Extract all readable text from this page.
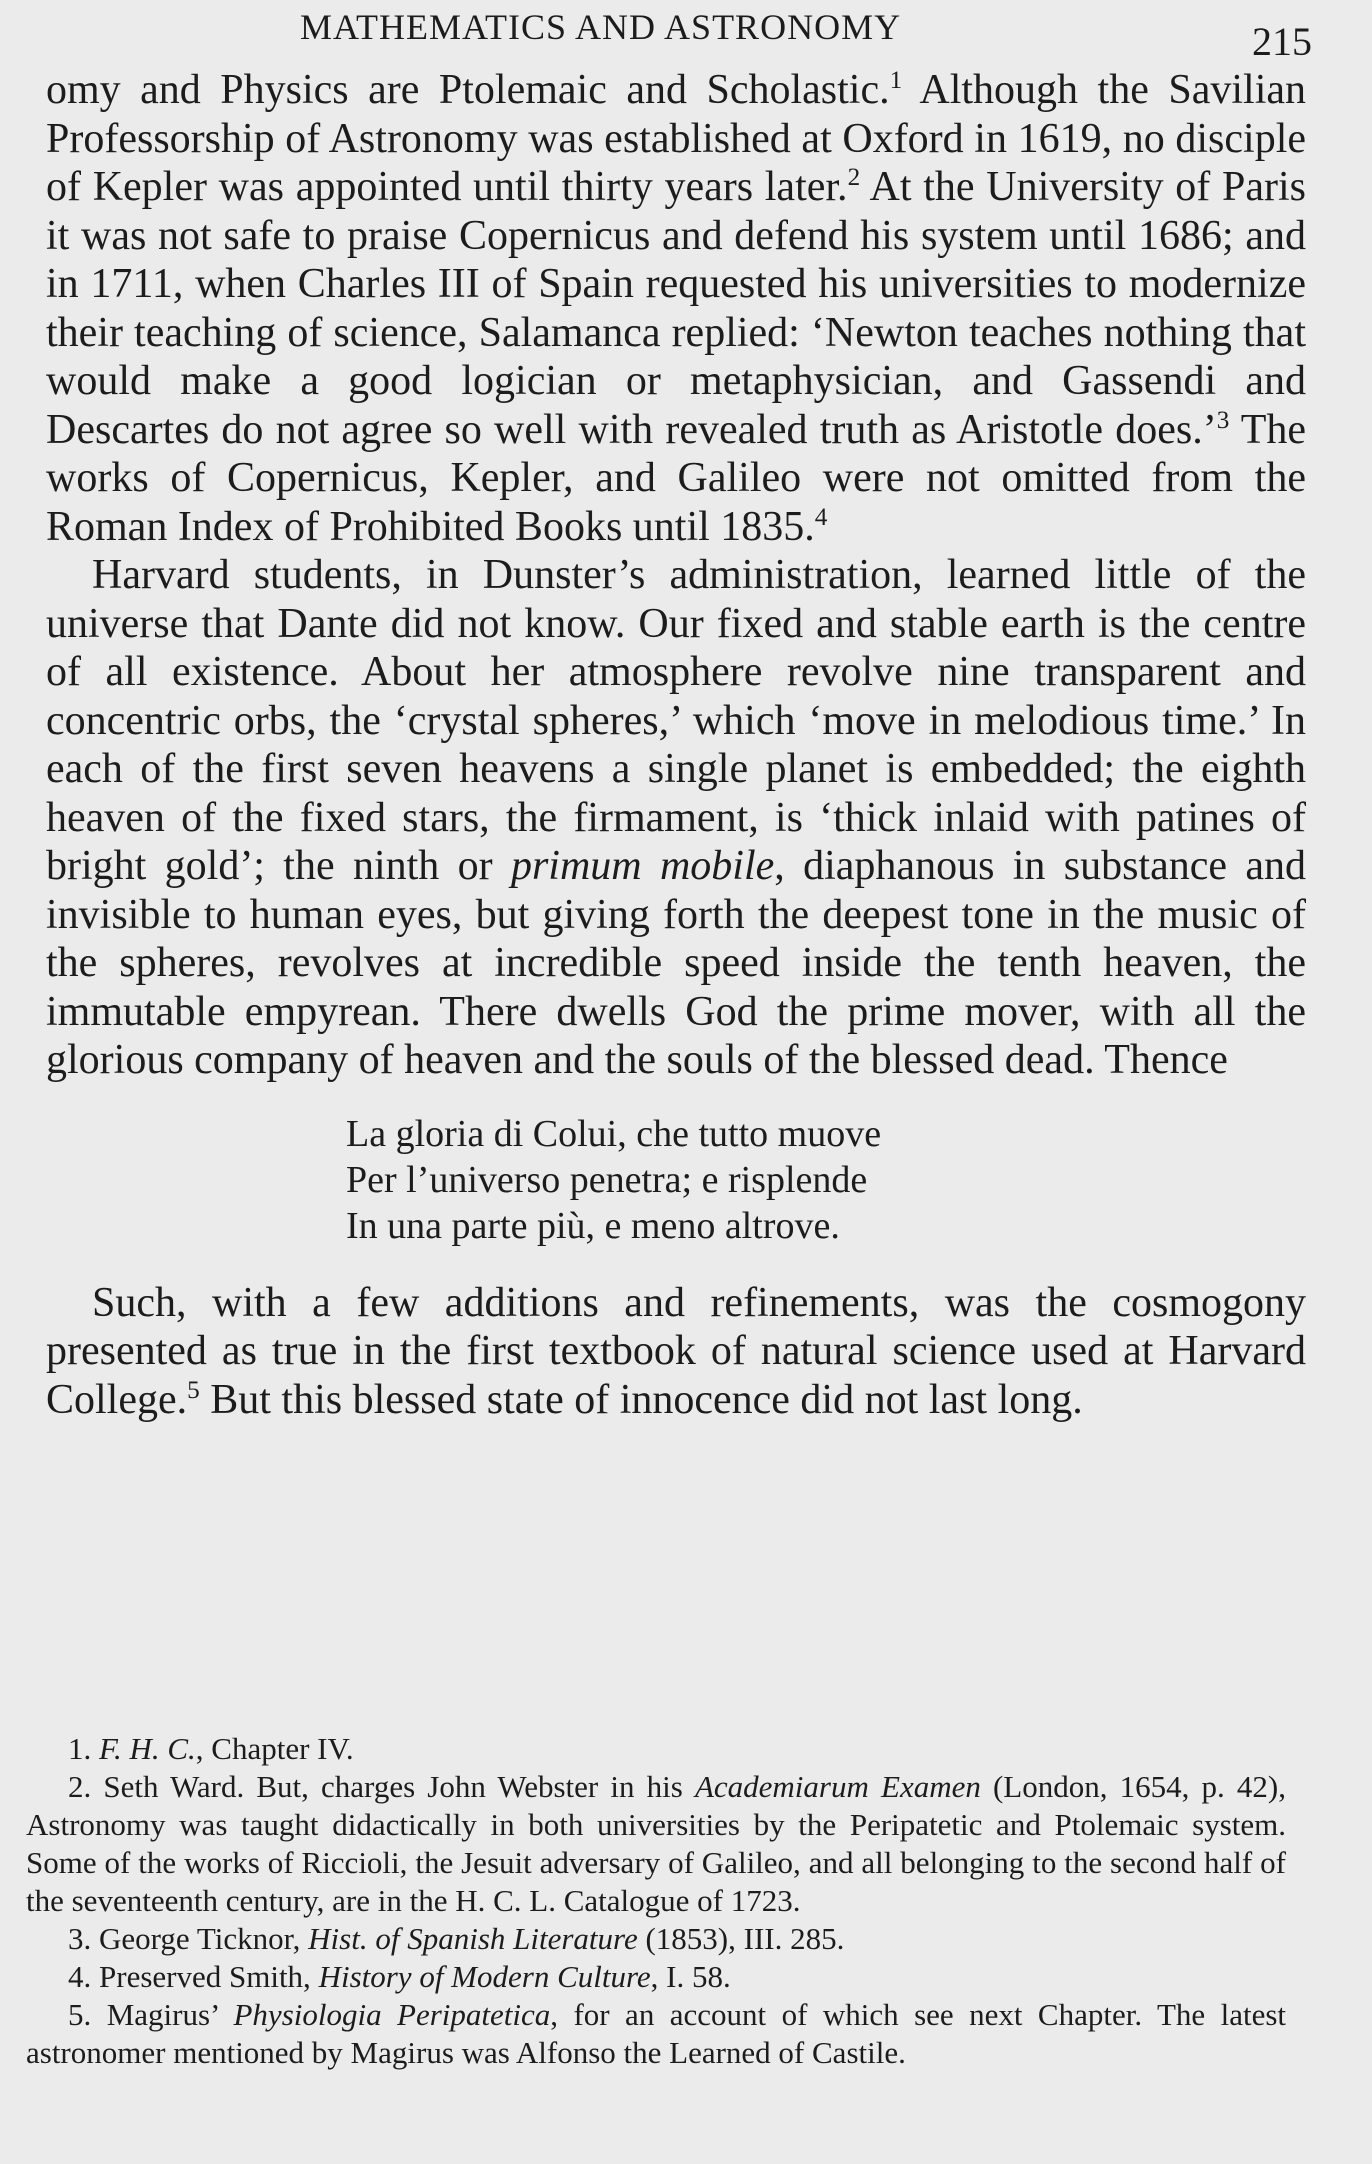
MATHEMATICS AND ASTRONOMY	215

omy and Physics are Ptolemaic and Scholastic.$^1$ Although the Savilian Professorship of Astronomy was established at Oxford in 1619, no disciple of Kepler was appointed until thirty years later.$^2$ At the University of Paris it was not safe to praise Copernicus and defend his system until 1686; and in 1711, when Charles III of Spain requested his universities to modernize their teaching of science, Salamanca replied: ‘Newton teaches nothing that would make a good logician or metaphysician, and Gassendi and Descartes do not agree so well with revealed truth as Aristotle does.’$^3$ The works of Copernicus, Kepler, and Galileo were not omitted from the Roman Index of Prohibited Books until 1835.$^4$

Harvard students, in Dunster’s administration, learned little of the universe that Dante did not know. Our fixed and stable earth is the centre of all existence. About her atmosphere revolve nine transparent and concentric orbs, the ‘crystal spheres,’ which ‘move in melodious time.’ In each of the first seven heavens a single planet is embedded; the eighth heaven of the fixed stars, the firmament, is ‘thick inlaid with patines of bright gold’; the ninth or primum mobile, diaphanous in substance and invisible to human eyes, but giving forth the deepest tone in the music of the spheres, revolves at incredible speed inside the tenth heaven, the immutable empyrean. There dwells God the prime mover, with all the glorious company of heaven and the souls of the blessed dead. Thence

La gloria di Colui, che tutto muove
Per l’universo penetra; e risplende
In una parte più, e meno altrove.

Such, with a few additions and refinements, was the cosmogony presented as true in the first textbook of natural science used at Harvard College.$^5$ But this blessed state of innocence did not last long.

1. F. H. C., Chapter IV.

2. Seth Ward. But, charges John Webster in his Academiarum Examen (London, 1654, p. 42), Astronomy was taught didactically in both universities by the Peripatetic and Ptolemaic system. Some of the works of Riccioli, the Jesuit adversary of Galileo, and all belonging to the second half of the seventeenth century, are in the H. C. L. Catalogue of 1723.

3. George Ticknor, Hist. of Spanish Literature (1853), III. 285.

4. Preserved Smith, History of Modern Culture, I. 58.

5. Magirus’ Physiologia Peripatetica, for an account of which see next Chapter. The latest astronomer mentioned by Magirus was Alfonso the Learned of Castile.
